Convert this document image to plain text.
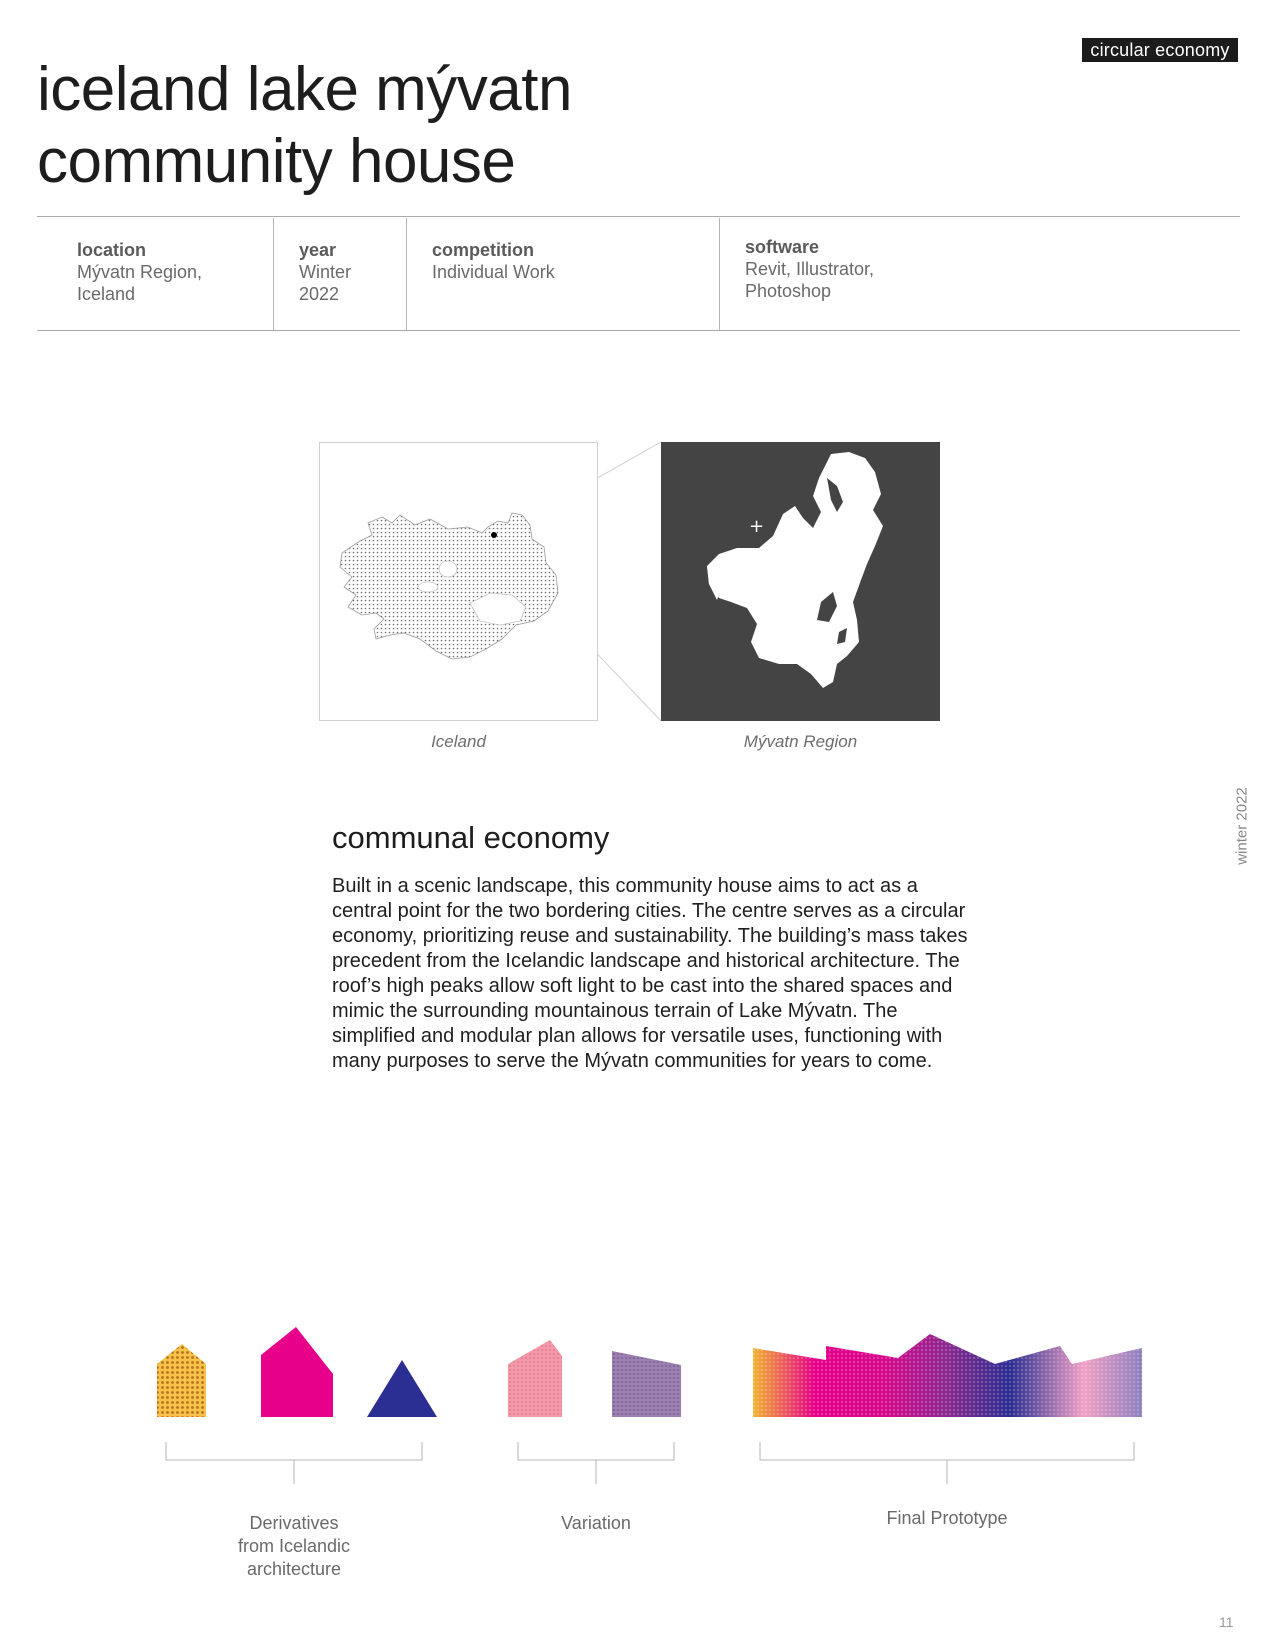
circular economy
iceland lake mývatn
community house
location
Mývatn Region,
Iceland
year
Winter
2022
competition
Individual Work
software
Revit, Illustrator,
Photoshop
+
Iceland	Mývatn Region
winter 2022
communal economy

Built in a scenic landscape, this community house aims to act as a central point for the two bordering cities. The centre serves as a circular economy, prioritizing reuse and sustainability. The building’s mass takes precedent from the Icelandic landscape and historical architecture. The roof’s high peaks allow soft light to be cast into the shared spaces and mimic the surrounding mountainous terrain of Lake Mývatn. The simplified and modular plan allows for versatile uses, functioning with many purposes to serve the Mývatn communities for years to come.

Derivatives
from Icelandic
architecture
Variation	Final Prototype
11
